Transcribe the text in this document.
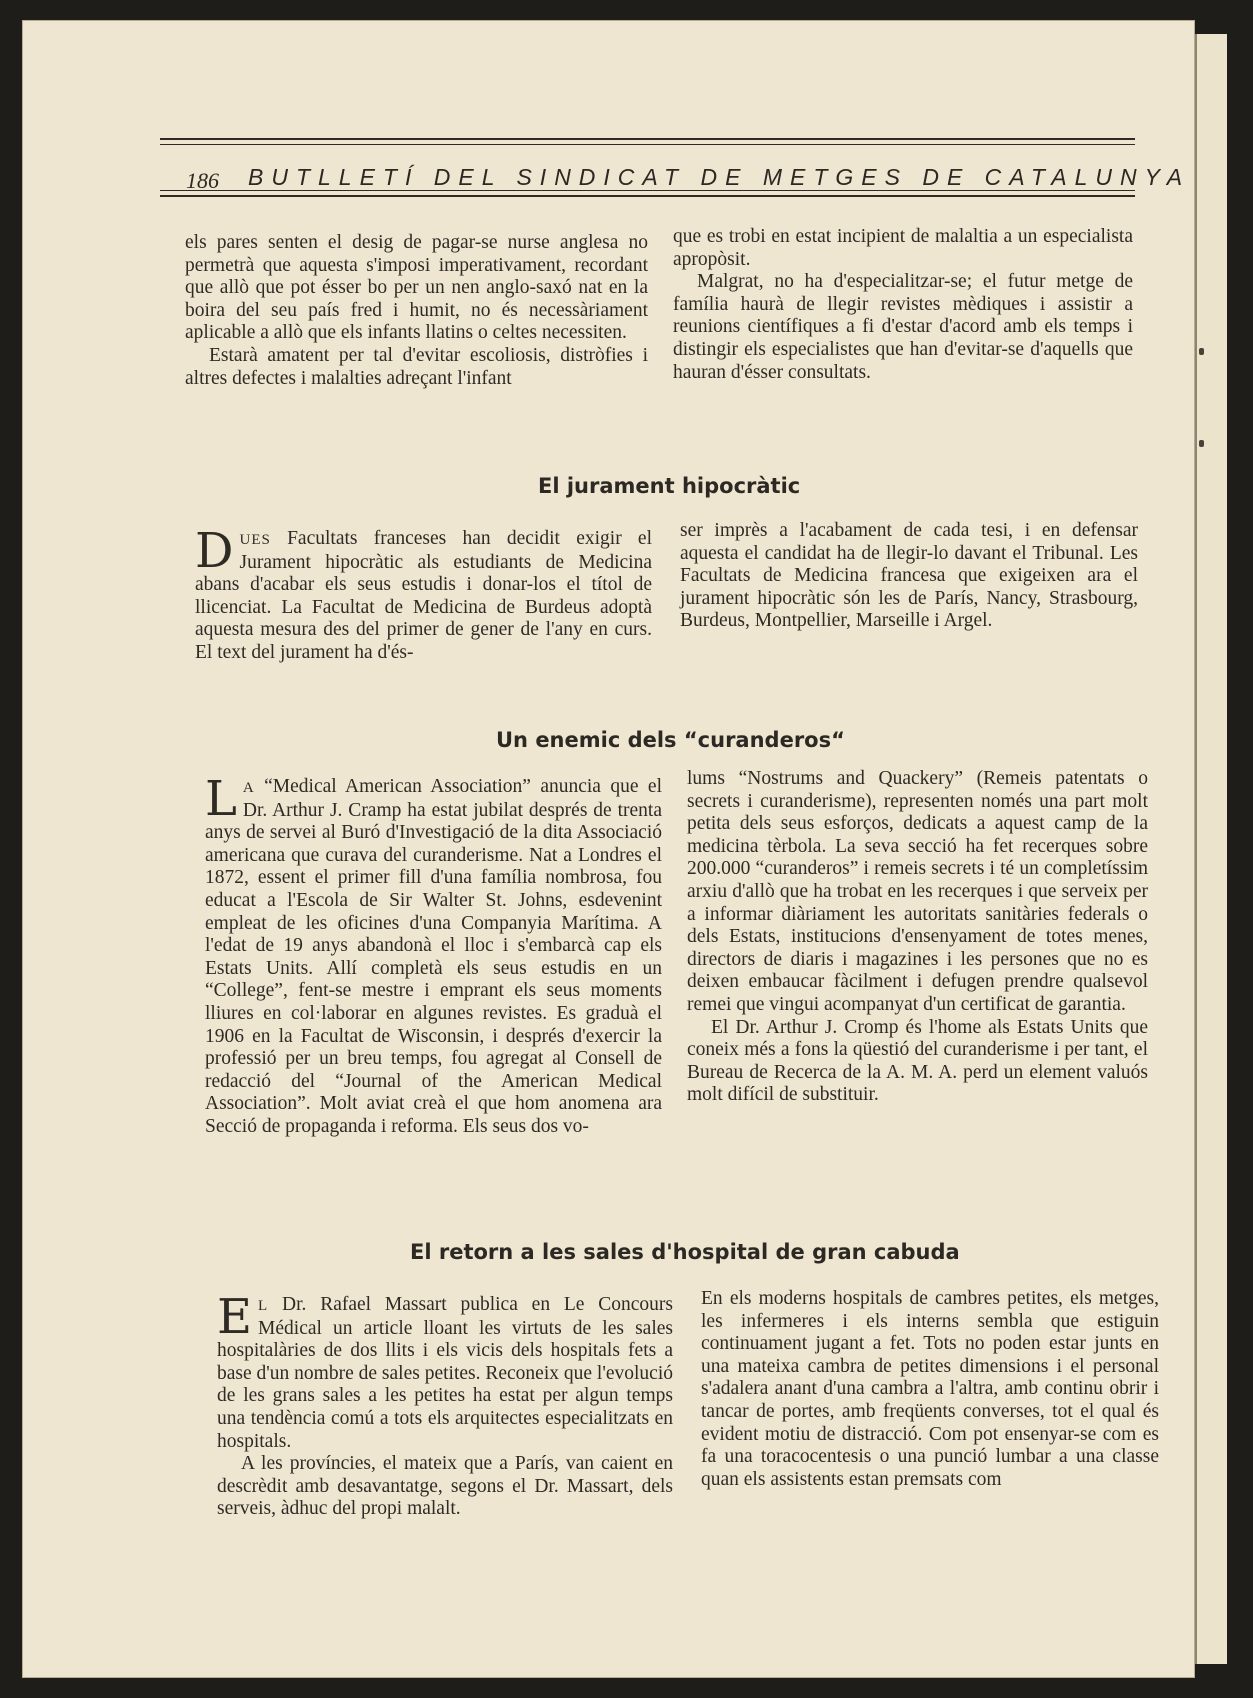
186 BUTLLETÍ DEL SINDICAT DE METGES DE CATALUNYA

els pares senten el desig de pagar-se nurse anglesa no permetrà que aquesta s'imposi imperativament, recordant que allò que pot ésser bo per un nen anglo-saxó nat en la boira del seu país fred i humit, no és necessàriament aplicable a allò que els infants llatins o celtes necessiten.

Estarà amatent per tal d'evitar escoliosis, distròfies i altres defectes i malalties adreçant l'infant

que es trobi en estat incipient de malaltia a un especialista apropòsit.

Malgrat, no ha d'especialitzar-se; el futur metge de família haurà de llegir revistes mèdiques i assistir a reunions científiques a fi d'estar d'acord amb els temps i distingir els especialistes que han d'evitar-se d'aquells que hauran d'ésser consultats.

El jurament hipocràtic

DUES Facultats franceses han decidit exigir el Jurament hipocràtic als estudiants de Medicina abans d'acabar els seus estudis i donar-los el títol de llicenciat. La Facultat de Medicina de Burdeus adoptà aquesta mesura des del primer de gener de l'any en curs. El text del jurament ha d'és-

ser imprès a l'acabament de cada tesi, i en defensar aquesta el candidat ha de llegir-lo davant el Tribunal. Les Facultats de Medicina francesa que exigeixen ara el jurament hipocràtic són les de París, Nancy, Strasbourg, Burdeus, Montpellier, Marseille i Argel.

Un enemic dels “curanderos“

L A “Medical American Association” anuncia que el Dr. Arthur J. Cramp ha estat jubilat després de trenta anys de servei al Buró d'Investigació de la dita Associació americana que curava del curanderisme. Nat a Londres el 1872, essent el primer fill d'una família nombrosa, fou educat a l'Escola de Sir Walter St. Johns, esdevenint empleat de les oficines d'una Companyia Marítima. A l'edat de 19 anys abandonà el lloc i s'embarcà cap els Estats Units. Allí completà els seus estudis en un “College”, fent-se mestre i emprant els seus moments lliures en col·laborar en algunes revistes. Es graduà el 1906 en la Facultat de Wisconsin, i després d'exercir la professió per un breu temps, fou agregat al Consell de redacció del “Journal of the American Medical Association”. Molt aviat creà el que hom anomena ara Secció de propaganda i reforma. Els seus dos vo-

lums “Nostrums and Quackery” (Remeis patentats o secrets i curanderisme), representen només una part molt petita dels seus esforços, dedicats a aquest camp de la medicina tèrbola. La seva secció ha fet recerques sobre 200.000 “curanderos” i remeis secrets i té un completíssim arxiu d'allò que ha trobat en les recerques i que serveix per a informar diàriament les autoritats sanitàries federals o dels Estats, institucions d'ensenyament de totes menes, directors de diaris i magazines i les persones que no es deixen embaucar fàcilment i defugen prendre qualsevol remei que vingui acompanyat d'un certificat de garantia.

El Dr. Arthur J. Cromp és l'home als Estats Units que coneix més a fons la qüestió del curanderisme i per tant, el Bureau de Recerca de la A. M. A. perd un element valuós molt difícil de substituir.

El retorn a les sales d'hospital de gran cabuda

E L Dr. Rafael Massart publica en Le Concours Médical un article lloant les virtuts de les sales hospitalàries de dos llits i els vicis dels hospitals fets a base d'un nombre de sales petites. Reconeix que l'evolució de les grans sales a les petites ha estat per algun temps una tendència comú a tots els arquitectes especialitzats en hospitals.

A les províncies, el mateix que a París, van caient en descrèdit amb desavantatge, segons el Dr. Massart, dels serveis, àdhuc del propi malalt.

En els moderns hospitals de cambres petites, els metges, les infermeres i els interns sembla que estiguin continuament jugant a fet. Tots no poden estar junts en una mateixa cambra de petites dimensions i el personal s'adalera anant d'una cambra a l'altra, amb continu obrir i tancar de portes, amb freqüents converses, tot el qual és evident motiu de distracció. Com pot ensenyar-se com es fa una toracocentesis o una punció lumbar a una classe quan els assistents estan premsats com
